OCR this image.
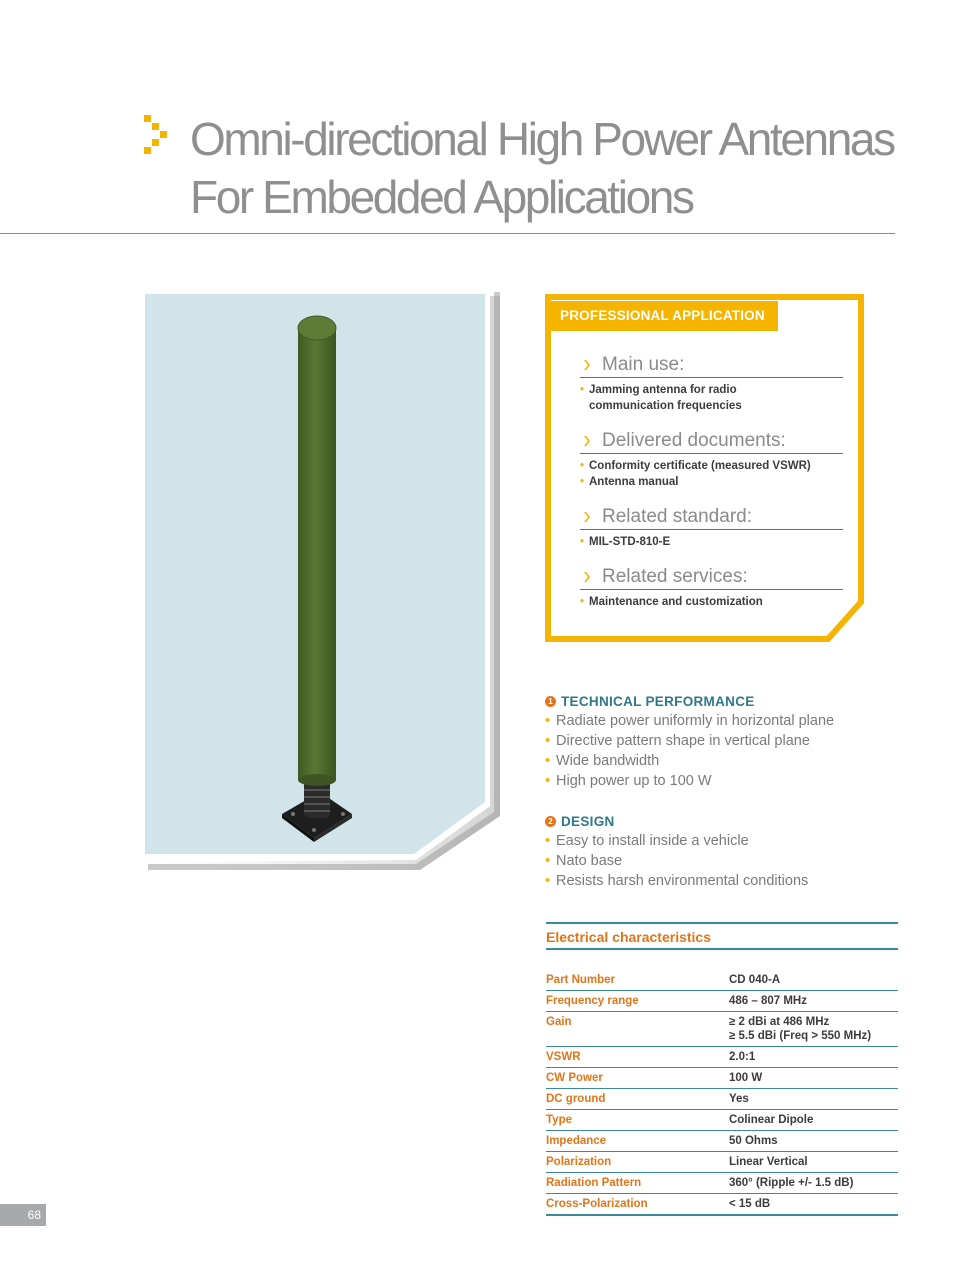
Omni-directional High Power Antennas
For Embedded Applications
PROFESSIONAL APPLICATION
Main use:
• Jamming antenna for radio communication frequencies
Delivered documents:
• Conformity certificate (measured VSWR)
• Antenna manual
Related standard:
• MIL-STD-810-E
Related services:
• Maintenance and customization
1 TECHNICAL PERFORMANCE
• Radiate power uniformly in horizontal plane
• Directive pattern shape in vertical plane
• Wide bandwidth
• High power up to 100 W
2 DESIGN
• Easy to install inside a vehicle
• Nato base
• Resists harsh environmental conditions
Electrical characteristics
Part Number	CD 040-A
Frequency range	486 – 807 MHz
Gain	≥ 2 dBi at 486 MHz
≥ 5.5 dBi (Freq > 550 MHz)

VSWR	2.0:1
CW Power	100 W
DC ground	Yes
Type	Colinear Dipole
Impedance	50 Ohms
Polarization	Linear Vertical
Radiation Pattern	360° (Ripple +/- 1.5 dB)
Cross-Polarization	< 15 dB
68
